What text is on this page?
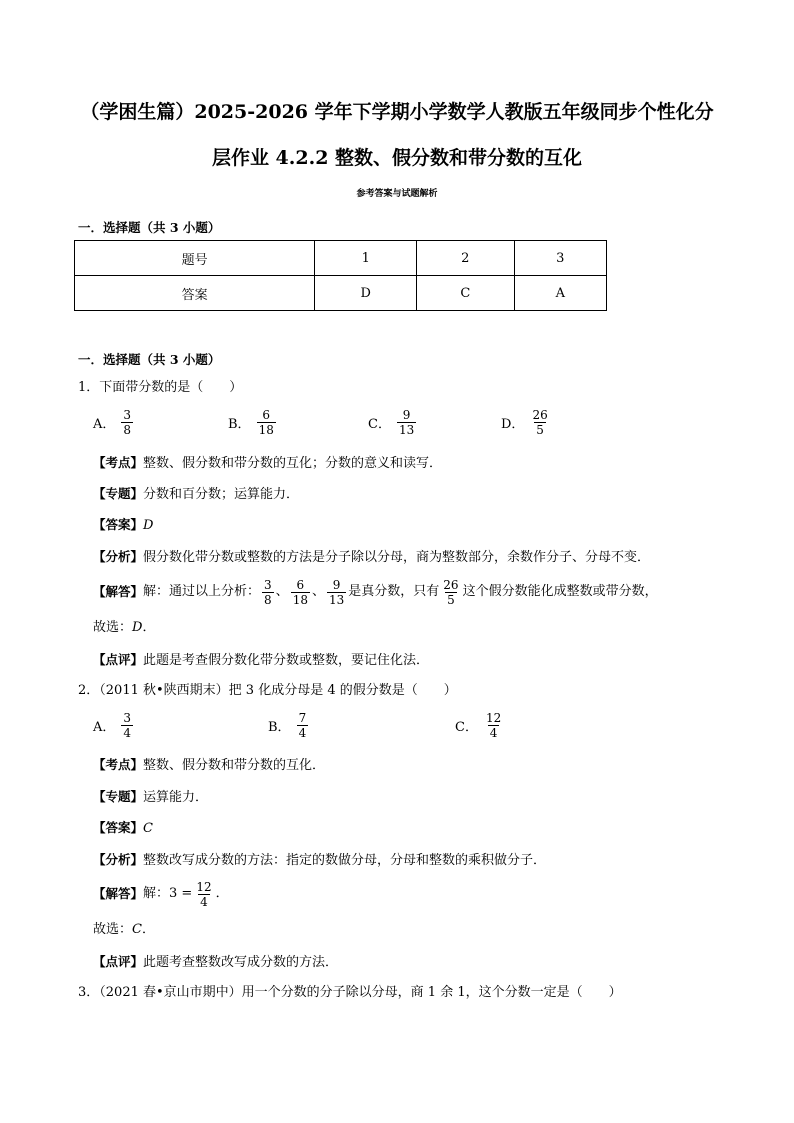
（学困生篇）2025-2026 学年下学期小学数学人教版五年级同步个性化分
层作业 4.2.2 整数、假分数和带分数的互化
参考答案与试题解析
一．选择题（共 3 小题）
题号	1	2	3
答案	D	C	A
一．选择题（共 3 小题）
1．下面带分数的是（　　）
A． $\frac{3}{8}$	B． $\frac{6}{18}$	C． $\frac{9}{13}$	D． $\frac{26}{5}$
【考点】整数、假分数和带分数的互化；分数的意义和读写．
【专题】分数和百分数；运算能力．
【答案】D
【分析】假分数化带分数或整数的方法是分子除以分母，商为整数部分，余数作分子、分母不变．
【解答】 解：通过以上分析： $\frac{3}{8}$ 、 $\frac{6}{18}$ 、 $\frac{9}{13}$ 是真分数，只有 $\frac{26}{5}$ 这个假分数能化成整数或带分数，
故选：D．
【点评】此题是考查假分数化带分数或整数，要记住化法．
2．（2011 秋•陕西期末）把 3 化成分母是 4 的假分数是（　　）
A． $\frac{3}{4}$	B． $\frac{7}{4}$	C． $\frac{12}{4}$
【考点】整数、假分数和带分数的互化．
【专题】运算能力．
【答案】C
【分析】整数改写成分数的方法：指定的数做分母，分母和整数的乘积做分子．
【解答】 解：$3 = \frac{12}{4}$ ．
故选：C．
【点评】此题考查整数改写成分数的方法．
3．（2021 春•京山市期中）用一个分数的分子除以分母，商 1 余 1，这个分数一定是（　　）
